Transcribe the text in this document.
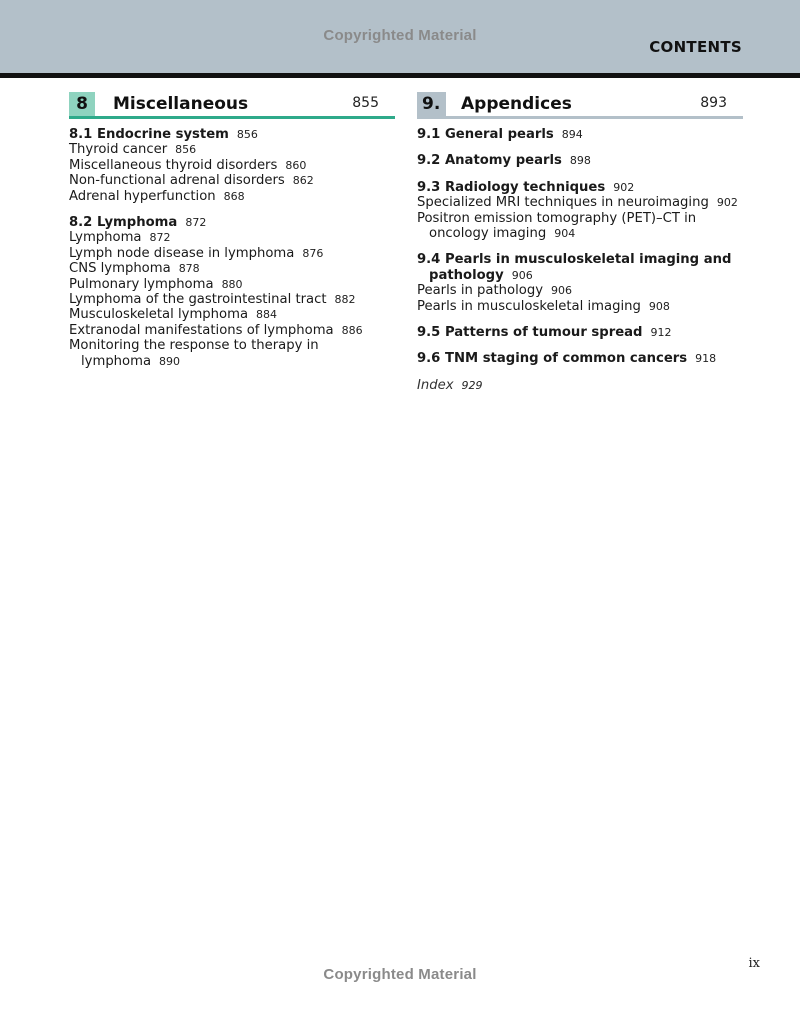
Copyrighted Material
CONTENTS
8	Miscellaneous	855
8.1 Endocrine system 856
Thyroid cancer 856
Miscellaneous thyroid disorders 860
Non-functional adrenal disorders 862
Adrenal hyperfunction 868
8.2 Lymphoma 872
Lymphoma 872
Lymph node disease in lymphoma 876
CNS lymphoma 878
Pulmonary lymphoma 880
Lymphoma of the gastrointestinal tract 882
Musculoskeletal lymphoma 884
Extranodal manifestations of lymphoma 886
Monitoring the response to therapy in
lymphoma 890
9.	Appendices	893
9.1 General pearls 894
9.2 Anatomy pearls 898
9.3 Radiology techniques 902
Specialized MRI techniques in neuroimaging 902
Positron emission tomography (PET)–CT in
oncology imaging 904
9.4 Pearls in musculoskeletal imaging and
pathology 906
Pearls in pathology 906
Pearls in musculoskeletal imaging 908
9.5 Patterns of tumour spread 912
9.6 TNM staging of common cancers 918
Index 929
ix
Copyrighted Material
